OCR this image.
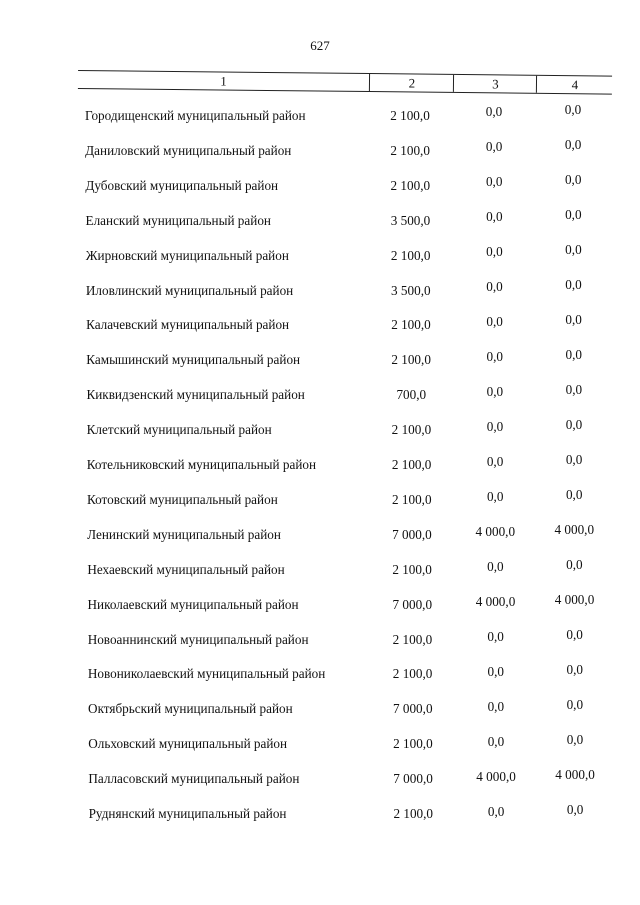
627
1	2	3	4
Городищенский муниципальный район	2 100,0	0,0	0,0
Даниловский муниципальный район	2 100,0	0,0	0,0
Дубовский муниципальный район	2 100,0	0,0	0,0
Еланский муниципальный район	3 500,0	0,0	0,0
Жирновский муниципальный район	2 100,0	0,0	0,0
Иловлинский муниципальный район	3 500,0	0,0	0,0
Калачевский муниципальный район	2 100,0	0,0	0,0
Камышинский муниципальный район	2 100,0	0,0	0,0
Киквидзенский муниципальный район	700,0	0,0	0,0
Клетский муниципальный район	2 100,0	0,0	0,0
Котельниковский муниципальный район	2 100,0	0,0	0,0
Котовский муниципальный район	2 100,0	0,0	0,0
Ленинский муниципальный район	7 000,0	4 000,0	4 000,0
Нехаевский муниципальный район	2 100,0	0,0	0,0
Николаевский муниципальный район	7 000,0	4 000,0	4 000,0
Новоаннинский муниципальный район	2 100,0	0,0	0,0
Новониколаевский муниципальный район	2 100,0	0,0	0,0
Октябрьский муниципальный район	7 000,0	0,0	0,0
Ольховский муниципальный район	2 100,0	0,0	0,0
Палласовский муниципальный район	7 000,0	4 000,0	4 000,0
Руднянский муниципальный район	2 100,0	0,0	0,0
